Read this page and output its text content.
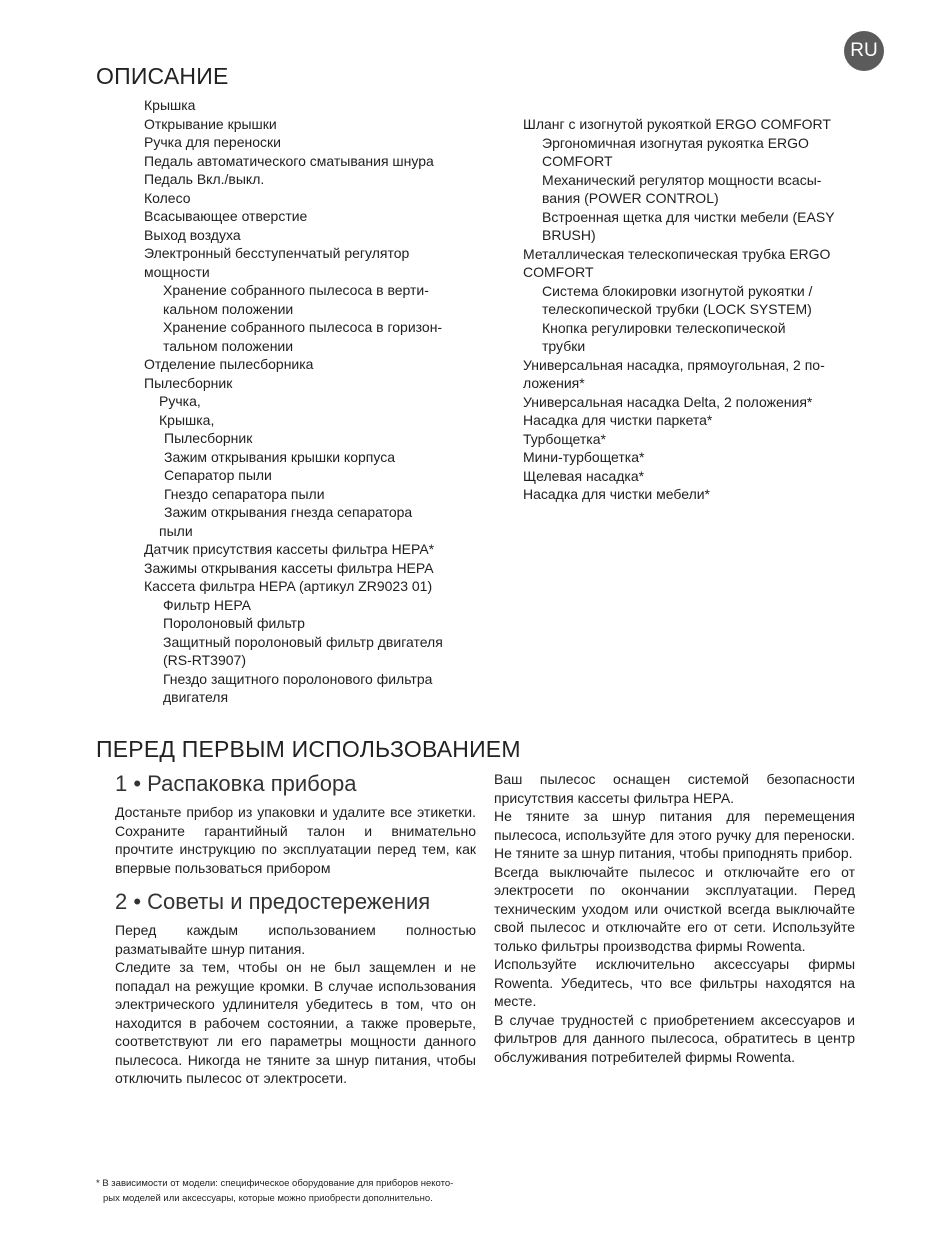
RU
ОПИСАНИЕ
Крышка
Открывание крышки
Ручка для переноски
Педаль автоматического сматывания шнура
Педаль Вкл./выкл.
Колесо
Всасывающее отверстие
Выход воздуха
Электронный бесступенчатый регулятор
мощности
Хранение собранного пылесоса в верти-
кальном положении
Хранение собранного пылесоса в горизон-
тальном положении
Отделение пылесборника
Пылесборник
Ручка,
Крышка,
Пылесборник
Зажим открывания крышки корпуса
Сепаратор пыли
Гнездо сепаратора пыли
Зажим открывания гнезда сепаратора
пыли
Датчик присутствия кассеты фильтра HEPA*
Зажимы открывания кассеты фильтра HEPA
Кассета фильтра HEPA (артикул ZR9023 01)
Фильтр HEPA
Поролоновый фильтр
Защитный поролоновый фильтр двигателя
(RS-RT3907)
Гнездо защитного поролонового фильтра
двигателя
Шланг с изогнутой рукояткой ERGO COMFORT
Эргономичная изогнутая рукоятка ERGO
COMFORT
Механический регулятор мощности всасы-
вания (POWER CONTROL)
Встроенная щетка для чистки мебели (EASY
BRUSH)
Металлическая телескопическая трубка ERGO
COMFORT
Система блокировки изогнутой рукоятки /
телескопической трубки (LOCK SYSTEM)
Кнопка регулировки телескопической
трубки
Универсальная насадка, прямоугольная, 2 по-
ложения*
Универсальная насадка Delta, 2 положения*
Насадка для чистки паркета*
Турбощетка*
Мини-турбощетка*
Щелевая насадка*
Насадка для чистки мебели*
ПЕРЕД ПЕРВЫМ ИСПОЛЬЗОВАНИЕМ
1 • Распаковка прибора

Достаньте прибор из упаковки и удалите все этикетки. Сохраните гарантийный талон и внимательно прочтите инструкцию по эксплуатации перед тем, как впервые пользоваться прибором

2 • Советы и предостережения

Перед каждым использованием полностью разматывайте шнур питания.

Следите за тем, чтобы он не был защемлен и не попадал на режущие кромки. В случае использования электрического удлинителя убедитесь в том, что он находится в рабочем состоянии, а также проверьте, соответствуют ли его параметры мощности данного пылесоса. Никогда не тяните за шнур питания, чтобы отключить пылесос от электросети.

Ваш пылесос оснащен системой безопасности присутствия кассеты фильтра HEPA.

Не тяните за шнур питания для перемещения пылесоса, используйте для этого ручку для переноски. Не тяните за шнур питания, чтобы приподнять прибор.

Всегда выключайте пылесос и отключайте его от электросети по окончании эксплуатации. Перед техническим уходом или очисткой всегда выключайте свой пылесос и отключайте его от сети. Используйте только фильтры производства фирмы Rowenta.

Используйте исключительно аксессуары фирмы Rowenta. Убедитесь, что все фильтры находятся на месте.

В случае трудностей с приобретением аксессуаров и фильтров для данного пылесоса, обратитесь в центр обслуживания потребителей фирмы Rowenta.

* В зависимости от модели: специфическое оборудование для приборов некото-
рых моделей или аксессуары, которые можно приобрести дополнительно.
